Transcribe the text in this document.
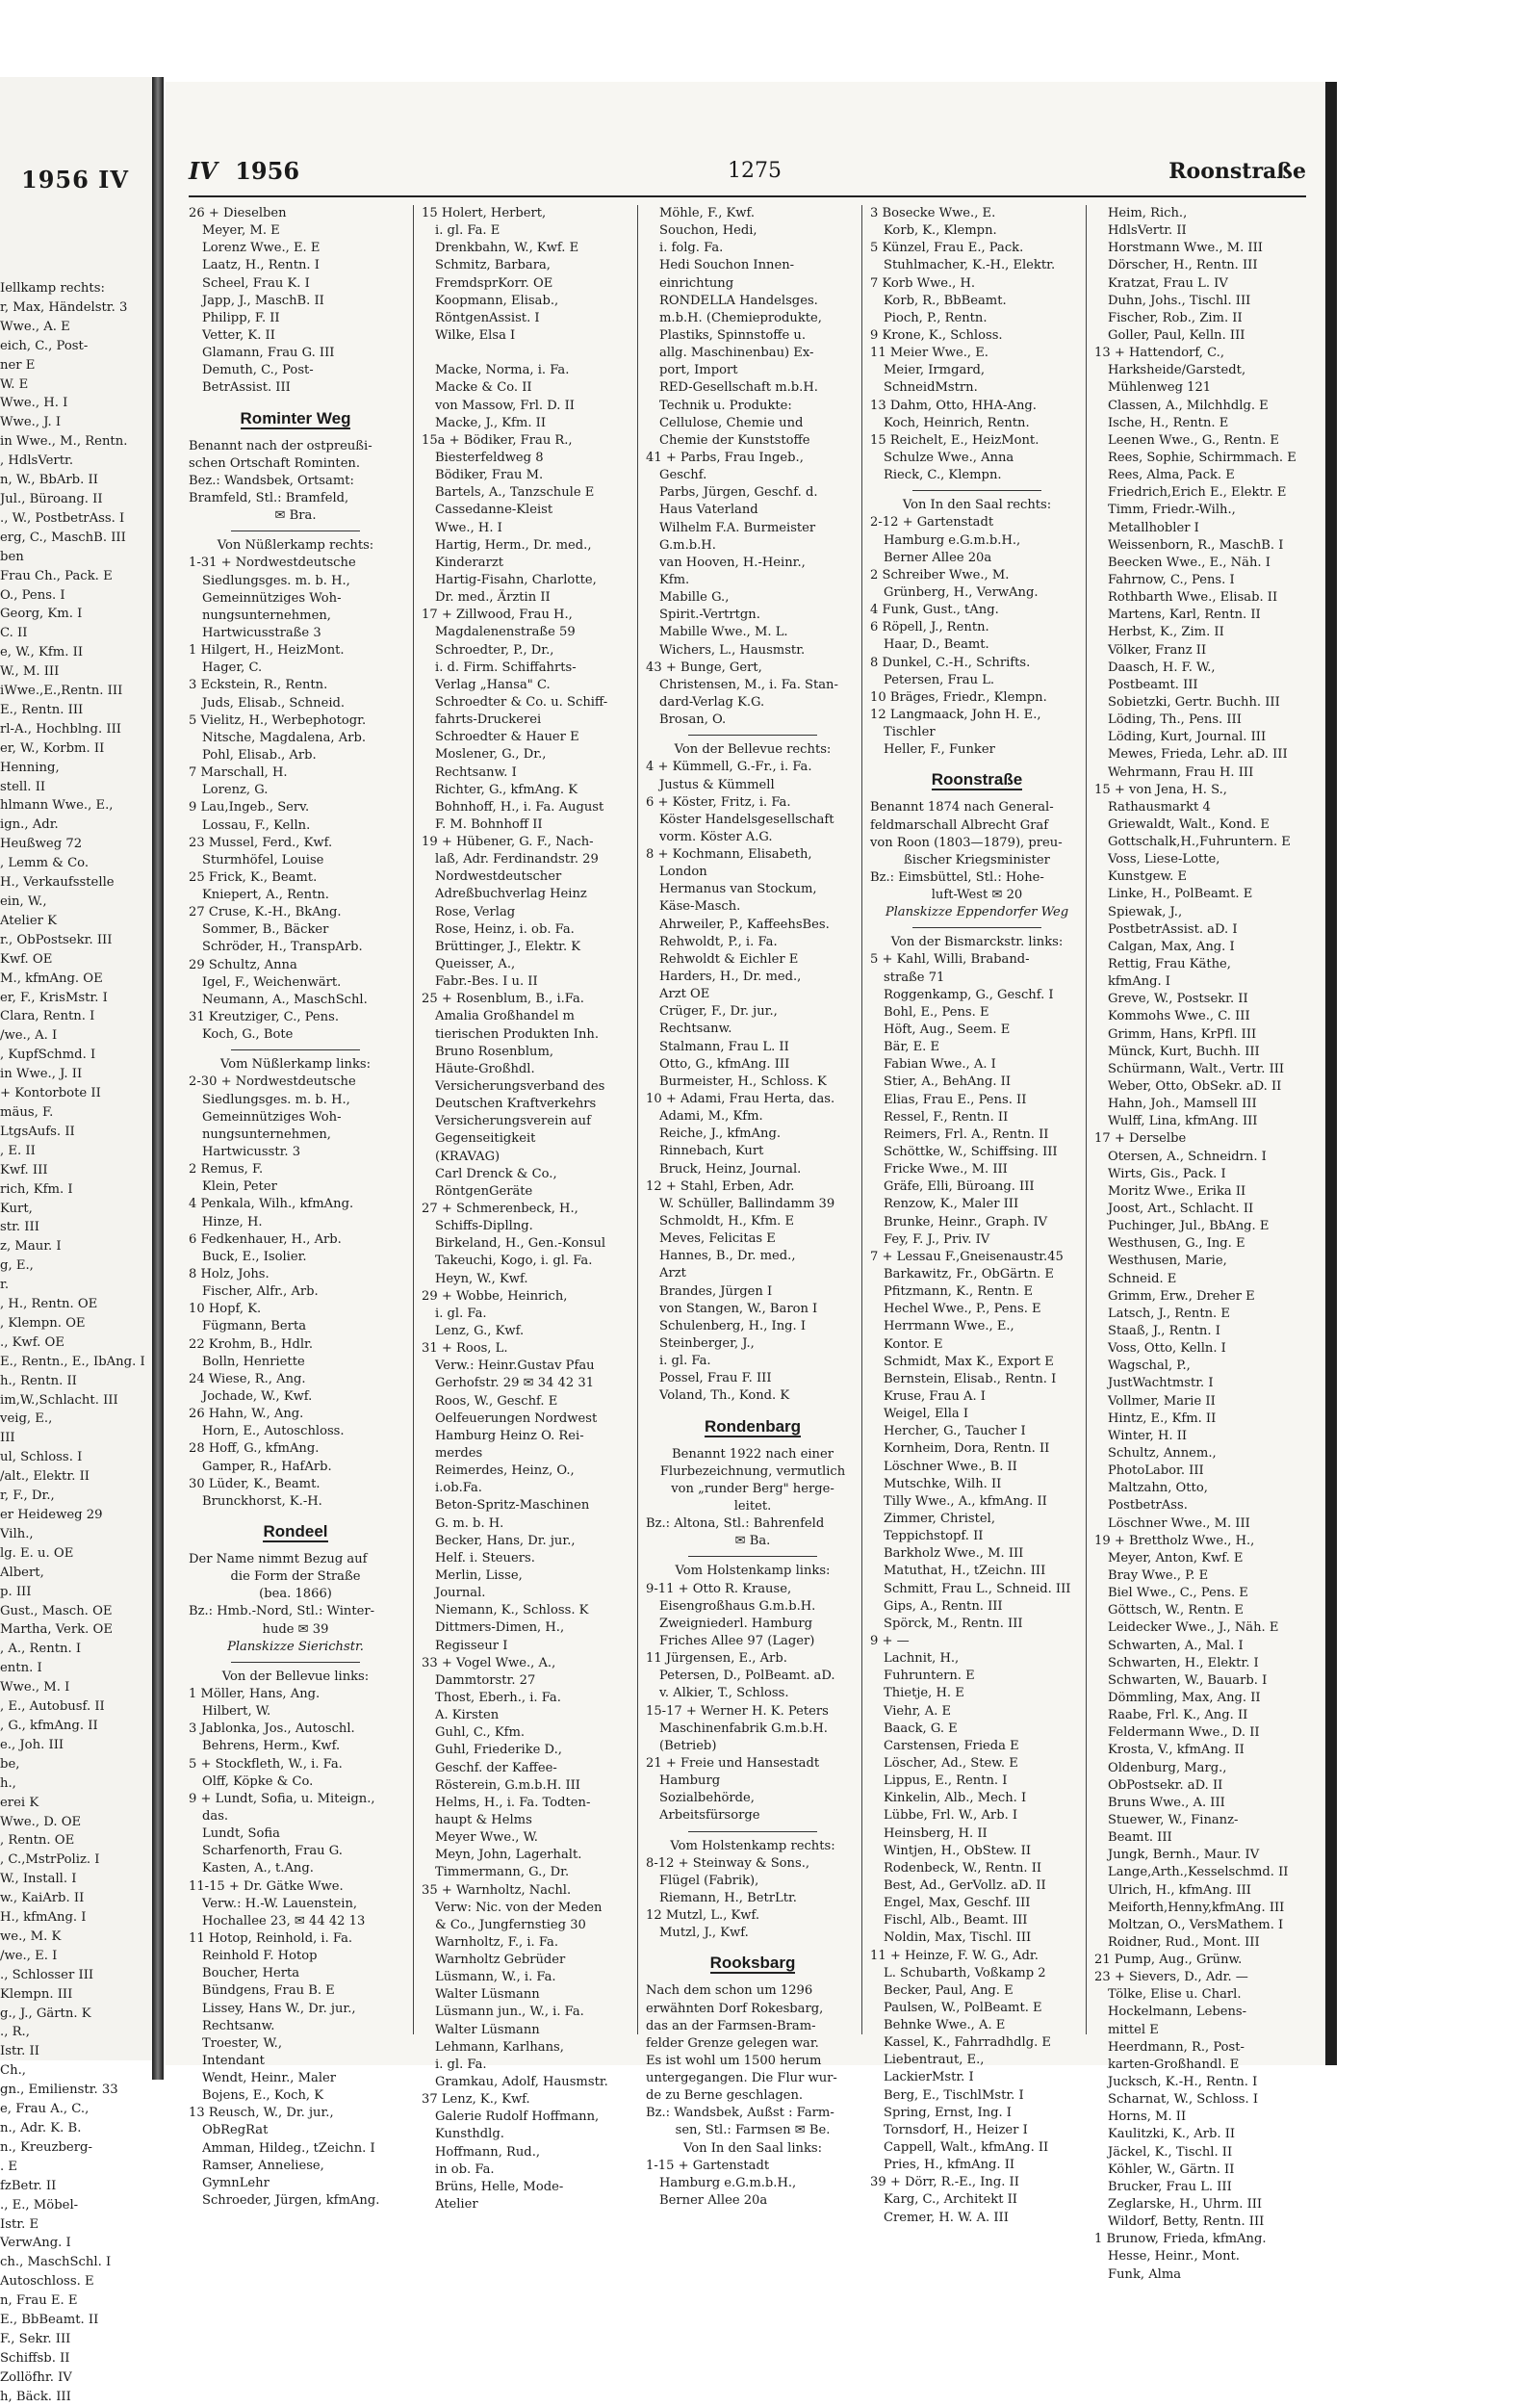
1956 IV
Iellkamp rechts:
r, Max, Händelstr. 3
Wwe., A. E
eich, C., Post-
ner E
W. E
Wwe., H. I
Wwe., J. I
in Wwe., M., Rentn.
, HdlsVertr.
n, W., BbArb. II
Jul., Büroang. II
., W., PostbetrAss. I
erg, C., MaschB. III
ben
Frau Ch., Pack. E
O., Pens. I
Georg, Km. I
C. II
e, W., Kfm. II
W., M. III
iWwe.,E.,Rentn. III
E., Rentn. III
rl-A., Hochblng. III
er, W., Korbm. II
Henning,
stell. II
hlmann Wwe., E.,
ign., Adr.
Heußweg 72
, Lemm & Co.
H., Verkaufsstelle
ein, W.,
Atelier K
r., ObPostsekr. III
Kwf. OE
M., kfmAng. OE
er, F., KrisMstr. I
Clara, Rentn. I
/we., A. I
, KupfSchmd. I
in Wwe., J. II
+ Kontorbote II
mäus, F.
LtgsAufs. II
, E. II
Kwf. III
rich, Kfm. I
Kurt,
str. III
z, Maur. I
g, E.,
r.
, H., Rentn. OE
, Klempn. OE
., Kwf. OE
E., Rentn., E., IbAng. I
h., Rentn. II
im,W.,Schlacht. III
veig, E.,
III
ul, Schloss. I
/alt., Elektr. II
r, F., Dr.,
er Heideweg 29
Vilh.,
lg. E. u. OE
Albert,
p. III
Gust., Masch. OE
Martha, Verk. OE
, A., Rentn. I
entn. I
Wwe., M. I
, E., Autobusf. II
, G., kfmAng. II
e., Joh. III
be,
h.,
erei K
Wwe., D. OE
, Rentn. OE
, C.,MstrPoliz. I
W., Install. I
w., KaiArb. II
H., kfmAng. I
we., M. K
/we., E. I
., Schlosser III
Klempn. III
g., J., Gärtn. K
., R.,
Istr. II
Ch.,
gn., Emilienstr. 33
e, Frau A., C.,
n., Adr. K. B.
n., Kreuzberg-
. E
fzBetr. II
., E., Möbel-
Istr. E
VerwAng. I
ch., MaschSchl. I
Autoschloss. E
n, Frau E. E
E., BbBeamt. II
F., Sekr. III
Schiffsb. II
Zollöfhr. IV
h, Bäck. III
IV 1956	1275	Roonstraße
26 + Dieselben
Meyer, M. E
Lorenz Wwe., E. E
Laatz, H., Rentn. I
Scheel, Frau K. I
Japp, J., MaschB. II
Philipp, F. II
Vetter, K. II
Glamann, Frau G. III
Demuth, C., Post-
BetrAssist. III
Rominter Weg
Benannt nach der ostpreußi-
schen Ortschaft Rominten.
Bez.: Wandsbek, Ortsamt:
Bramfeld, Stl.: Bramfeld,
✉ Bra.
Von Nüßlerkamp rechts:
1-31 + Nordwestdeutsche
Siedlungsges. m. b. H.,
Gemeinnütziges Woh-
nungsunternehmen,
Hartwicusstraße 3
1 Hilgert, H., HeizMont.
Hager, C.
3 Eckstein, R., Rentn.
Juds, Elisab., Schneid.
5 Vielitz, H., Werbephotogr.
Nitsche, Magdalena, Arb.
Pohl, Elisab., Arb.
7 Marschall, H.
Lorenz, G.
9 Lau,Ingeb., Serv.
Lossau, F., Kelln.
23 Mussel, Ferd., Kwf.
Sturmhöfel, Louise
25 Frick, K., Beamt.
Kniepert, A., Rentn.
27 Cruse, K.-H., BkAng.
Sommer, B., Bäcker
Schröder, H., TranspArb.
29 Schultz, Anna
Igel, F., Weichenwärt.
Neumann, A., MaschSchl.
31 Kreutziger, C., Pens.
Koch, G., Bote
Vom Nüßlerkamp links:
2-30 + Nordwestdeutsche
Siedlungsges. m. b. H.,
Gemeinnütziges Woh-
nungsunternehmen,
Hartwicusstr. 3
2 Remus, F.
Klein, Peter
4 Penkala, Wilh., kfmAng.
Hinze, H.
6 Fedkenhauer, H., Arb.
Buck, E., Isolier.
8 Holz, Johs.
Fischer, Alfr., Arb.
10 Hopf, K.
Fügmann, Berta
22 Krohm, B., Hdlr.
Bolln, Henriette
24 Wiese, R., Ang.
Jochade, W., Kwf.
26 Hahn, W., Ang.
Horn, E., Autoschloss.
28 Hoff, G., kfmAng.
Gamper, R., HafArb.
30 Lüder, K., Beamt.
Brunckhorst, K.-H.
Rondeel
Der Name nimmt Bezug auf
die Form der Straße
(bea. 1866)
Bz.: Hmb.-Nord, Stl.: Winter-
hude ✉ 39
Planskizze Sierichstr.
Von der Bellevue links:
1 Möller, Hans, Ang.
Hilbert, W.
3 Jablonka, Jos., Autoschl.
Behrens, Herm., Kwf.
5 + Stockfleth, W., i. Fa.
Olff, Köpke & Co.
9 + Lundt, Sofia, u. Miteign.,
das.
Lundt, Sofia
Scharfenorth, Frau G.
Kasten, A., t.Ang.
11-15 + Dr. Gätke Wwe.
Verw.: H.-W. Lauenstein,
Hochallee 23, ✉ 44 42 13
11 Hotop, Reinhold, i. Fa.
Reinhold F. Hotop
Boucher, Herta
Bündgens, Frau B. E
Lissey, Hans W., Dr. jur.,
Rechtsanw.
Troester, W.,
Intendant
Wendt, Heinr., Maler
Bojens, E., Koch, K
13 Reusch, W., Dr. jur.,
ObRegRat
Amman, Hildeg., tZeichn. I
Ramser, Anneliese,
GymnLehr
Schroeder, Jürgen, kfmAng.
15 Holert, Herbert,
i. gl. Fa. E
Drenkbahn, W., Kwf. E
Schmitz, Barbara,
FremdsprKorr. OE
Koopmann, Elisab.,
RöntgenAssist. I
Wilke, Elsa I
Macke, Norma, i. Fa.
Macke & Co. II
von Massow, Frl. D. II
Macke, J., Kfm. II
15a + Bödiker, Frau R.,
Biesterfeldweg 8
Bödiker, Frau M.
Bartels, A., Tanzschule E
Cassedanne-Kleist
Wwe., H. I
Hartig, Herm., Dr. med.,
Kinderarzt
Hartig-Fisahn, Charlotte,
Dr. med., Ärztin II
17 + Zillwood, Frau H.,
Magdalenenstraße 59
Schroedter, P., Dr.,
i. d. Firm. Schiffahrts-
Verlag „Hansa" C.
Schroedter & Co. u. Schiff-
fahrts-Druckerei
Schroedter & Hauer E
Moslener, G., Dr.,
Rechtsanw. I
Richter, G., kfmAng. K
Bohnhoff, H., i. Fa. August
F. M. Bohnhoff II
19 + Hübener, G. F., Nach-
laß, Adr. Ferdinandstr. 29
Nordwestdeutscher
Adreßbuchverlag Heinz
Rose, Verlag
Rose, Heinz, i. ob. Fa.
Brüttinger, J., Elektr. K
Queisser, A.,
Fabr.-Bes. I u. II
25 + Rosenblum, B., i.Fa.
Amalia Großhandel m
tierischen Produkten Inh.
Bruno Rosenblum,
Häute-Großhdl.
Versicherungsverband des
Deutschen Kraftverkehrs
Versicherungsverein auf
Gegenseitigkeit
(KRAVAG)
Carl Drenck & Co.,
RöntgenGeräte
27 + Schmerenbeck, H.,
Schiffs-Dipllng.
Birkeland, H., Gen.-Konsul
Takeuchi, Kogo, i. gl. Fa.
Heyn, W., Kwf.
29 + Wobbe, Heinrich,
i. gl. Fa.
Lenz, G., Kwf.
31 + Roos, L.
Verw.: Heinr.Gustav Pfau
Gerhofstr. 29 ✉ 34 42 31
Roos, W., Geschf. E
Oelfeuerungen Nordwest
Hamburg Heinz O. Rei-
merdes
Reimerdes, Heinz, O.,
i.ob.Fa.
Beton-Spritz-Maschinen
G. m. b. H.
Becker, Hans, Dr. jur.,
Helf. i. Steuers.
Merlin, Lisse,
Journal.
Niemann, K., Schloss. K
Dittmers-Dimen, H.,
Regisseur I
33 + Vogel Wwe., A.,
Dammtorstr. 27
Thost, Eberh., i. Fa.
A. Kirsten
Guhl, C., Kfm.
Guhl, Friederike D.,
Geschf. der Kaffee-
Rösterein, G.m.b.H. III
Helms, H., i. Fa. Todten-
haupt & Helms
Meyer Wwe., W.
Meyn, John, Lagerhalt.
Timmermann, G., Dr.
35 + Warnholtz, Nachl.
Verw: Nic. von der Meden
& Co., Jungfernstieg 30
Warnholtz, F., i. Fa.
Warnholtz Gebrüder
Lüsmann, W., i. Fa.
Walter Lüsmann
Lüsmann jun., W., i. Fa.
Walter Lüsmann
Lehmann, Karlhans,
i. gl. Fa.
Gramkau, Adolf, Hausmstr.
37 Lenz, K., Kwf.
Galerie Rudolf Hoffmann,
Kunsthdlg.
Hoffmann, Rud.,
in ob. Fa.
Brüns, Helle, Mode-
Atelier
Möhle, F., Kwf.
Souchon, Hedi,
i. folg. Fa.
Hedi Souchon Innen-
einrichtung
RONDELLA Handelsges.
m.b.H. (Chemieprodukte,
Plastiks, Spinnstoffe u.
allg. Maschinenbau) Ex-
port, Import
RED-Gesellschaft m.b.H.
Technik u. Produkte:
Cellulose, Chemie und
Chemie der Kunststoffe
41 + Parbs, Frau Ingeb.,
Geschf.
Parbs, Jürgen, Geschf. d.
Haus Vaterland
Wilhelm F.A. Burmeister
G.m.b.H.
van Hooven, H.-Heinr.,
Kfm.
Mabille G.,
Spirit.-Vertrtgn.
Mabille Wwe., M. L.
Wichers, L., Hausmstr.
43 + Bunge, Gert,
Christensen, M., i. Fa. Stan-
dard-Verlag K.G.
Brosan, O.
Von der Bellevue rechts:
4 + Kümmell, G.-Fr., i. Fa.
Justus & Kümmell
6 + Köster, Fritz, i. Fa.
Köster Handelsgesellschaft
vorm. Köster A.G.
8 + Kochmann, Elisabeth,
London
Hermanus van Stockum,
Käse-Masch.
Ahrweiler, P., KaffeehsBes.
Rehwoldt, P., i. Fa.
Rehwoldt & Eichler E
Harders, H., Dr. med.,
Arzt OE
Crüger, F., Dr. jur.,
Rechtsanw.
Stalmann, Frau L. II
Otto, G., kfmAng. III
Burmeister, H., Schloss. K
10 + Adami, Frau Herta, das.
Adami, M., Kfm.
Reiche, J., kfmAng.
Rinnebach, Kurt
Bruck, Heinz, Journal.
12 + Stahl, Erben, Adr.
W. Schüller, Ballindamm 39
Schmoldt, H., Kfm. E
Meves, Felicitas E
Hannes, B., Dr. med.,
Arzt
Brandes, Jürgen I
von Stangen, W., Baron I
Schulenberg, H., Ing. I
Steinberger, J.,
i. gl. Fa.
Possel, Frau F. III
Voland, Th., Kond. K
Rondenbarg
Benannt 1922 nach einer
Flurbezeichnung, vermutlich
von „runder Berg" herge-
leitet.
Bz.: Altona, Stl.: Bahrenfeld
✉ Ba.
Vom Holstenkamp links:
9-11 + Otto R. Krause,
Eisengroßhaus G.m.b.H.
Zweigniederl. Hamburg
Friches Allee 97 (Lager)
11 Jürgensen, E., Arb.
Petersen, D., PolBeamt. aD.
v. Alkier, T., Schloss.
15-17 + Werner H. K. Peters
Maschinenfabrik G.m.b.H.
(Betrieb)
21 + Freie und Hansestadt
Hamburg
Sozialbehörde,
Arbeitsfürsorge
Vom Holstenkamp rechts:
8-12 + Steinway & Sons.,
Flügel (Fabrik),
Riemann, H., BetrLtr.
12 Mutzl, L., Kwf.
Mutzl, J., Kwf.
Rooksbarg
Nach dem schon um 1296
erwähnten Dorf Rokesbarg,
das an der Farmsen-Bram-
felder Grenze gelegen war.
Es ist wohl um 1500 herum
untergegangen. Die Flur wur-
de zu Berne geschlagen.
Bz.: Wandsbek, Außst : Farm-
sen, Stl.: Farmsen ✉ Be.
Von In den Saal links:
1-15 + Gartenstadt
Hamburg e.G.m.b.H.,
Berner Allee 20a
3 Bosecke Wwe., E.
Korb, K., Klempn.
5 Künzel, Frau E., Pack.
Stuhlmacher, K.-H., Elektr.
7 Korb Wwe., H.
Korb, R., BbBeamt.
Pioch, P., Rentn.
9 Krone, K., Schloss.
11 Meier Wwe., E.
Meier, Irmgard,
SchneidMstrn.
13 Dahm, Otto, HHA-Ang.
Koch, Heinrich, Rentn.
15 Reichelt, E., HeizMont.
Schulze Wwe., Anna
Rieck, C., Klempn.
Von In den Saal rechts:
2-12 + Gartenstadt
Hamburg e.G.m.b.H.,
Berner Allee 20a
2 Schreiber Wwe., M.
Grünberg, H., VerwAng.
4 Funk, Gust., tAng.
6 Röpell, J., Rentn.
Haar, D., Beamt.
8 Dunkel, C.-H., Schrifts.
Petersen, Frau L.
10 Bräges, Friedr., Klempn.
12 Langmaack, John H. E.,
Tischler
Heller, F., Funker
Roonstraße
Benannt 1874 nach General-
feldmarschall Albrecht Graf
von Roon (1803—1879), preu-
ßischer Kriegsminister
Bz.: Eimsbüttel, Stl.: Hohe-
luft-West ✉ 20
Planskizze Eppendorfer Weg
Von der Bismarckstr. links:
5 + Kahl, Willi, Braband-
straße 71
Roggenkamp, G., Geschf. I
Bohl, E., Pens. E
Höft, Aug., Seem. E
Bär, E. E
Fabian Wwe., A. I
Stier, A., BehAng. II
Elias, Frau E., Pens. II
Ressel, F., Rentn. II
Reimers, Frl. A., Rentn. II
Schöttke, W., Schiffsing. III
Fricke Wwe., M. III
Gräfe, Elli, Büroang. III
Renzow, K., Maler III
Brunke, Heinr., Graph. IV
Fey, F. J., Priv. IV
7 + Lessau F.,Gneisenaustr.45
Barkawitz, Fr., ObGärtn. E
Pfitzmann, K., Rentn. E
Hechel Wwe., P., Pens. E
Herrmann Wwe., E.,
Kontor. E
Schmidt, Max K., Export E
Bernstein, Elisab., Rentn. I
Kruse, Frau A. I
Weigel, Ella I
Hercher, G., Taucher I
Kornheim, Dora, Rentn. II
Löschner Wwe., B. II
Mutschke, Wilh. II
Tilly Wwe., A., kfmAng. II
Zimmer, Christel,
Teppichstopf. II
Barkholz Wwe., M. III
Matuthat, H., tZeichn. III
Schmitt, Frau L., Schneid. III
Gips, A., Rentn. III
Spörck, M., Rentn. III
9 + —
Lachnit, H.,
Fuhruntern. E
Thietje, H. E
Viehr, A. E
Baack, G. E
Carstensen, Frieda E
Löscher, Ad., Stew. E
Lippus, E., Rentn. I
Kinkelin, Alb., Mech. I
Lübbe, Frl. W., Arb. I
Heinsberg, H. II
Wintjen, H., ObStew. II
Rodenbeck, W., Rentn. II
Best, Ad., GerVollz. aD. II
Engel, Max, Geschf. III
Fischl, Alb., Beamt. III
Noldin, Max, Tischl. III
11 + Heinze, F. W. G., Adr.
L. Schubarth, Voßkamp 2
Becker, Paul, Ang. E
Paulsen, W., PolBeamt. E
Behnke Wwe., A. E
Kassel, K., Fahrradhdlg. E
Liebentraut, E.,
LackierMstr. I
Berg, E., TischlMstr. I
Spring, Ernst, Ing. I
Tornsdorf, H., Heizer I
Cappell, Walt., kfmAng. II
Pries, H., kfmAng. II
39 + Dörr, R.-E., Ing. II
Karg, C., Architekt II
Cremer, H. W. A. III
Heim, Rich.,
HdlsVertr. II
Horstmann Wwe., M. III
Dörscher, H., Rentn. III
Kratzat, Frau L. IV
Duhn, Johs., Tischl. III
Fischer, Rob., Zim. II
Goller, Paul, Kelln. III
13 + Hattendorf, C.,
Harksheide/Garstedt,
Mühlenweg 121
Classen, A., Milchhdlg. E
Ische, H., Rentn. E
Leenen Wwe., G., Rentn. E
Rees, Sophie, Schirmmach. E
Rees, Alma, Pack. E
Friedrich,Erich E., Elektr. E
Timm, Friedr.-Wilh.,
Metallhobler I
Weissenborn, R., MaschB. I
Beecken Wwe., E., Näh. I
Fahrnow, C., Pens. I
Rothbarth Wwe., Elisab. II
Martens, Karl, Rentn. II
Herbst, K., Zim. II
Völker, Franz II
Daasch, H. F. W.,
Postbeamt. III
Sobietzki, Gertr. Buchh. III
Löding, Th., Pens. III
Löding, Kurt, Journal. III
Mewes, Frieda, Lehr. aD. III
Wehrmann, Frau H. III
15 + von Jena, H. S.,
Rathausmarkt 4
Griewaldt, Walt., Kond. E
Gottschalk,H.,Fuhruntern. E
Voss, Liese-Lotte,
Kunstgew. E
Linke, H., PolBeamt. E
Spiewak, J.,
PostbetrAssist. aD. I
Calgan, Max, Ang. I
Rettig, Frau Käthe,
kfmAng. I
Greve, W., Postsekr. II
Kommohs Wwe., C. III
Grimm, Hans, KrPfl. III
Münck, Kurt, Buchh. III
Schürmann, Walt., Vertr. III
Weber, Otto, ObSekr. aD. II
Hahn, Joh., Mamsell III
Wulff, Lina, kfmAng. III
17 + Derselbe
Otersen, A., Schneidrn. I
Wirts, Gis., Pack. I
Moritz Wwe., Erika II
Joost, Art., Schlacht. II
Puchinger, Jul., BbAng. E
Westhusen, G., Ing. E
Westhusen, Marie,
Schneid. E
Grimm, Erw., Dreher E
Latsch, J., Rentn. E
Staaß, J., Rentn. I
Voss, Otto, Kelln. I
Wagschal, P.,
JustWachtmstr. I
Vollmer, Marie II
Hintz, E., Kfm. II
Winter, H. II
Schultz, Annem.,
PhotoLabor. III
Maltzahn, Otto,
PostbetrAss.
Löschner Wwe., M. III
19 + Brettholz Wwe., H.,
Meyer, Anton, Kwf. E
Bray Wwe., P. E
Biel Wwe., C., Pens. E
Göttsch, W., Rentn. E
Leidecker Wwe., J., Näh. E
Schwarten, A., Mal. I
Schwarten, H., Elektr. I
Schwarten, W., Bauarb. I
Dömmling, Max, Ang. II
Raabe, Frl. K., Ang. II
Feldermann Wwe., D. II
Krosta, V., kfmAng. II
Oldenburg, Marg.,
ObPostsekr. aD. II
Bruns Wwe., A. III
Stuewer, W., Finanz-
Beamt. III
Jungk, Bernh., Maur. IV
Lange,Arth.,Kesselschmd. II
Ulrich, H., kfmAng. III
Meiforth,Henny,kfmAng. III
Moltzan, O., VersMathem. I
Roidner, Rud., Mont. III
21 Pump, Aug., Grünw.
23 + Sievers, D., Adr. —
Tölke, Elise u. Charl.
Hockelmann, Lebens-
mittel E
Heerdmann, R., Post-
karten-Großhandl. E
Jucksch, K.-H., Rentn. I
Scharnat, W., Schloss. I
Horns, M. II
Kaulitzki, K., Arb. II
Jäckel, K., Tischl. II
Köhler, W., Gärtn. II
Brucker, Frau L. III
Zeglarske, H., Uhrm. III
Wildorf, Betty, Rentn. III
1 Brunow, Frieda, kfmAng.
Hesse, Heinr., Mont.
Funk, Alma
